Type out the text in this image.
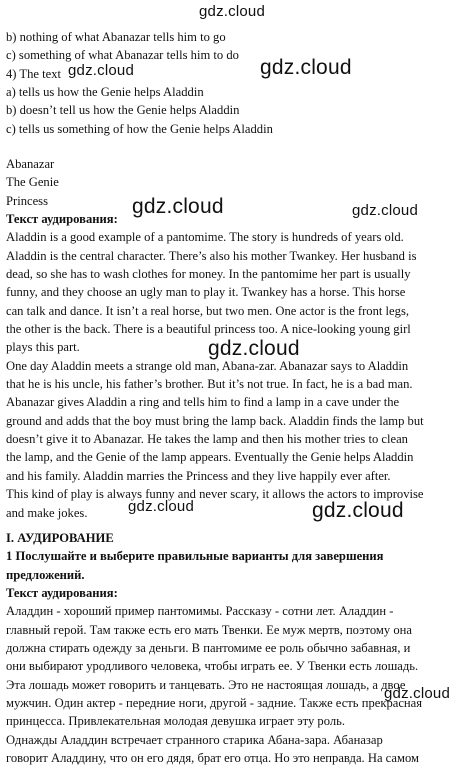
b) nothing of what Abanazar tells him to go
c) something of what Abanazar tells him to do
4) The text
a) tells us how the Genie helps Aladdin
b) doesn’t tell us how the Genie helps Aladdin
c) tells us something of how the Genie helps Aladdin
Abanazar
The Genie
Princess
Текст аудирования:
Aladdin is a good example of a pantomime. The story is hundreds of years old.
Aladdin is the central character. There’s also his mother Twankey. Her husband is
dead, so she has to wash clothes for money. In the pantomime her part is usually
funny, and they choose an ugly man to play it. Twankey has a horse. This horse
can talk and dance. It isn’t a real horse, but two men. One actor is the front legs,
the other is the back. There is a beautiful princess too. A nice-looking young girl
plays this part.
One day Aladdin meets a strange old man, Abana-zar. Abanazar says to Aladdin
that he is his uncle, his father’s brother. But it’s not true. In fact, he is a bad man.
Abanazar gives Aladdin a ring and tells him to find a lamp in a cave under the
ground and adds that the boy must bring the lamp back. Aladdin finds the lamp but
doesn’t give it to Abanazar. He takes the lamp and then his mother tries to clean
the lamp, and the Genie of the lamp appears. Eventually the Genie helps Aladdin
and his family. Aladdin marries the Princess and they live happily ever after.
This kind of play is always funny and never scary, it allows the actors to improvise
and make jokes.
I. АУДИРОВАНИЕ
1 Послушайте и выберите правильные варианты для завершения
предложений.
Текст аудирования:
Аладдин - хороший пример пантомимы. Рассказу - сотни лет. Аладдин -
главный герой. Там также есть его мать Твенки. Ее муж мертв, поэтому она
должна стирать одежду за деньги. В пантомиме ее роль обычно забавная, и
они выбирают уродливого человека, чтобы играть ее. У Твенки есть лошадь.
Эта лошадь может говорить и танцевать. Это не настоящая лошадь, а двое
мужчин. Один актер - передние ноги, другой - задние. Также есть прекрасная
принцесса. Привлекательная молодая девушка играет эту роль.
Однажды Аладдин встречает странного старика Абана-зара. Абаназар
говорит Аладдину, что он его дядя, брат его отца. Но это неправда. На самом
gdz.cloud
gdz.cloud	gdz.cloud
gdz.cloud	gdz.cloud
gdz.cloud
gdz.cloud	gdz.cloud
gdz.cloud
